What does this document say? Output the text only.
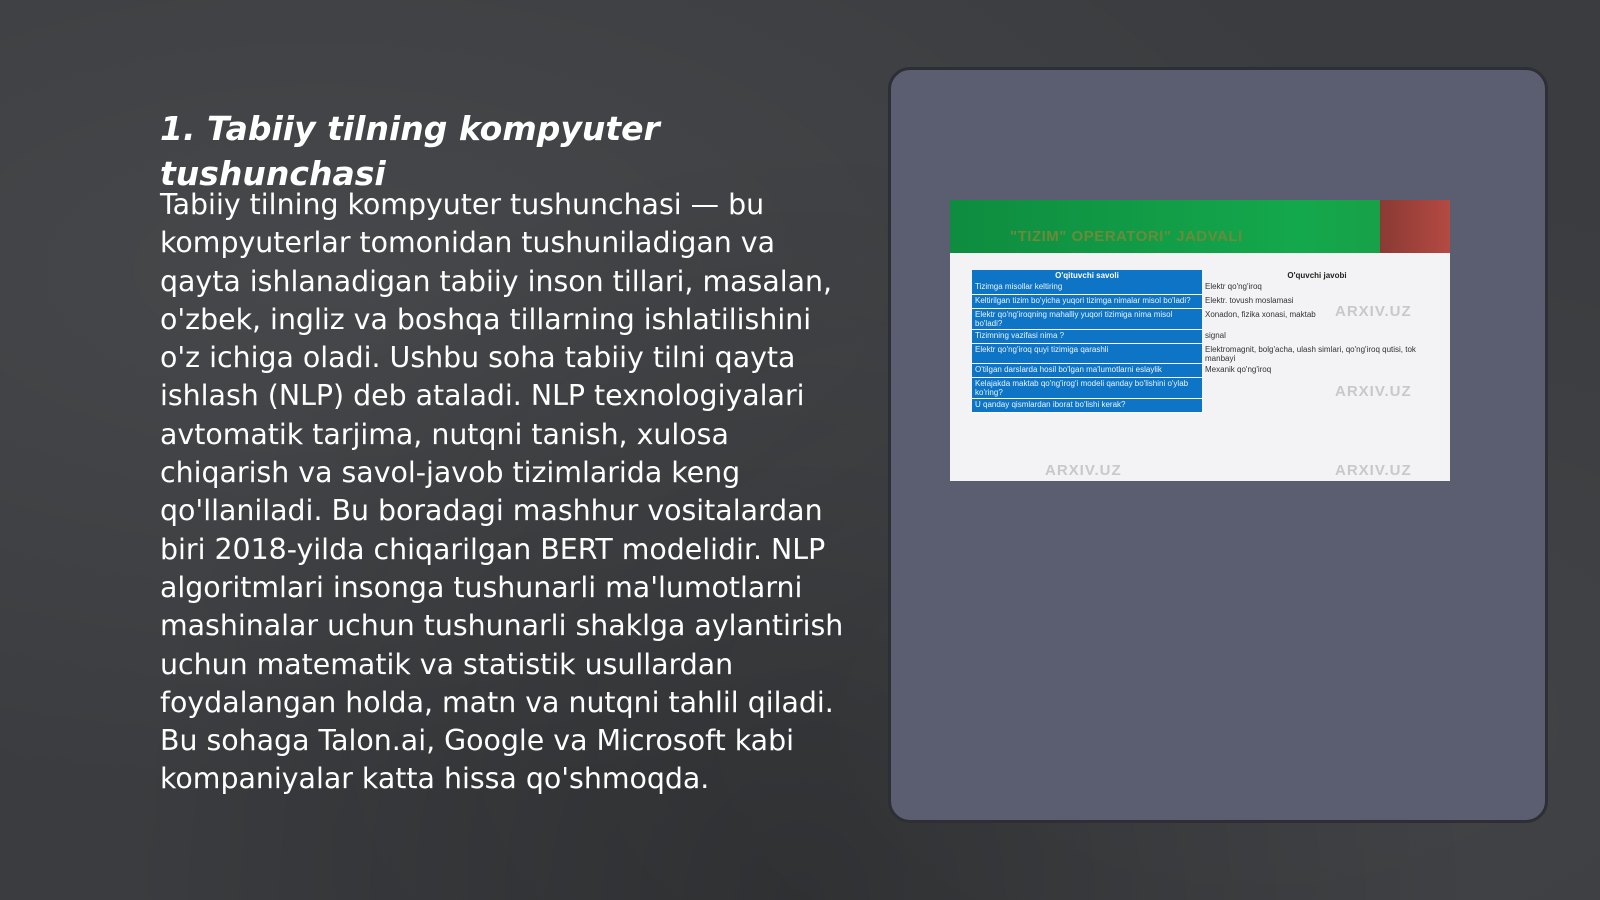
1. Tabiiy tilning kompyuter tushunchasi

Tabiiy tilning kompyuter tushunchasi — bu kompyuterlar tomonidan tushuniladigan va qayta ishlanadigan tabiiy inson tillari, masalan, o'zbek, ingliz va boshqa tillarning ishlatilishini o'z ichiga oladi. Ushbu soha tabiiy tilni qayta ishlash (NLP) deb ataladi. NLP texnologiyalari avtomatik tarjima, nutqni tanish, xulosa chiqarish va savol-javob tizimlarida keng qo'llaniladi. Bu boradagi mashhur vositalardan biri 2018-yilda chiqarilgan BERT modelidir. NLP algoritmlari insonga tushunarli ma'lumotlarni mashinalar uchun tushunarli shaklga aylantirish uchun matematik va statistik usullardan foydalangan holda, matn va nutqni tahlil qiladi. Bu sohaga Talon.ai, Google va Microsoft kabi kompaniyalar katta hissa qo'shmoqda.

"TIZIM" OPERATORI" JADVALI
O'qituvchi savoli	O'quvchi javobi
Tizimga misollar keltiring	Elektr qo'ng'iroq
Keltirilgan tizim bo'yicha yuqori tizimga nimalar misol bo'ladi?	Elektr. tovush moslamasi
Elektr qo'ng'iroqning mahalliy yuqori tizimiga nima misol bo'ladi?	Xonadon, fizika xonasi, maktab
Tizimning vazifasi nima ?	signal
Elektr qo'ng'iroq quyi tizimiga qarashli	Elektromagnit, bolg'acha, ulash simlari, qo'ng'iroq qutisi, tok manbayi
O'tilgan darslarda hosil bo'lgan ma'lumotlarni eslaylik	Mexanik qo'ng'iroq
Kelajakda maktab qo'ng'irog'i modeli qanday bo'lishini o'ylab ko'ring?	
U qanday qismlardan iborat bo'lishi kerak?	
ARXIV.UZ
ARXIV.UZ
ARXIV.UZ	ARXIV.UZ
